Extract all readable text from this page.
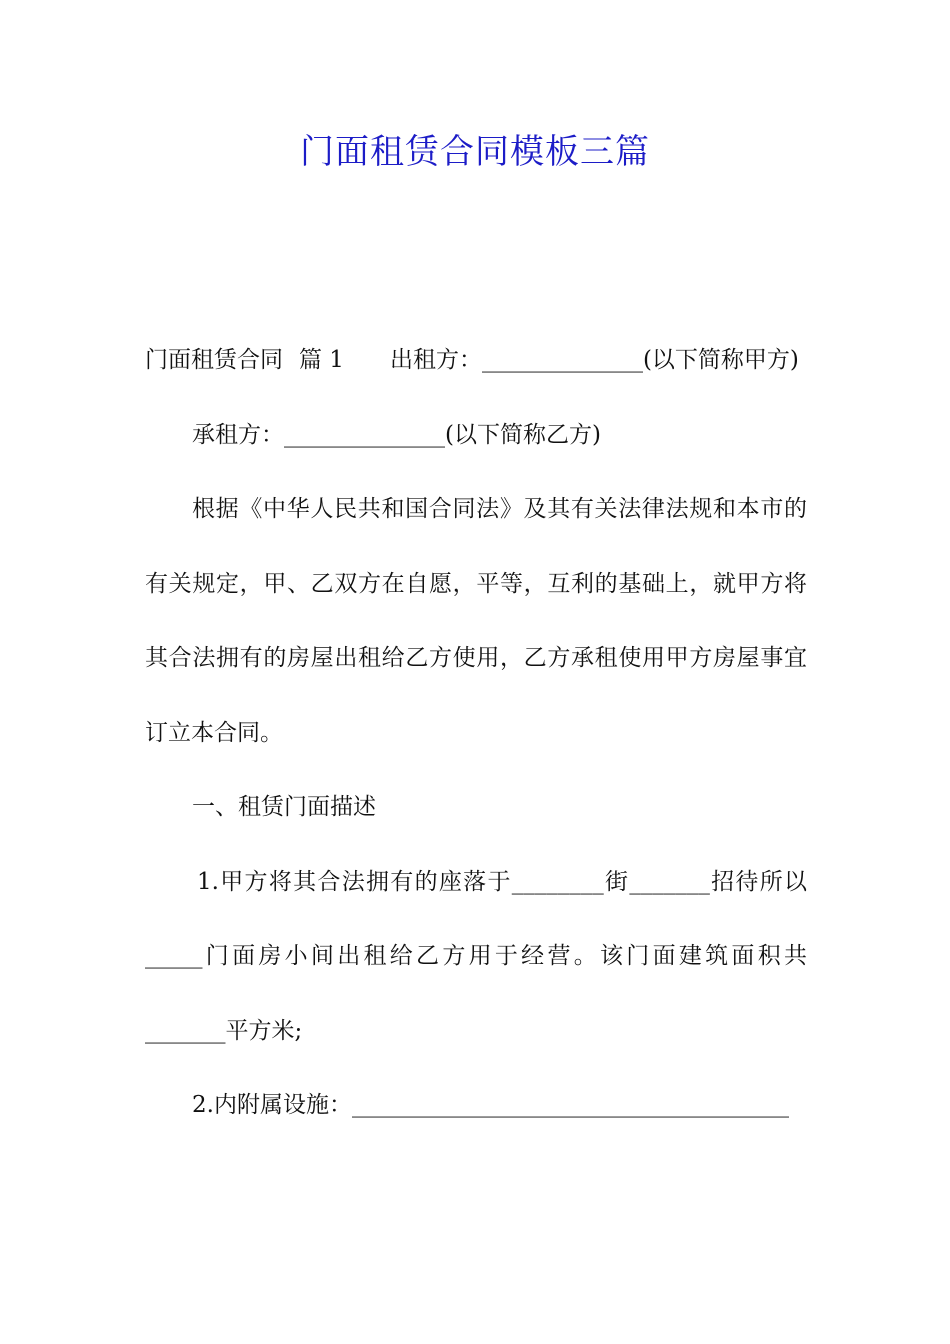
门面租赁合同模板三篇

门面租赁合同 篇 1 出租方：______________(以下简称甲方)

承租方：______________(以下简称乙方)

根据《中华人民共和国合同法》及其有关法律法规和本市的有关规定，甲、乙双方在自愿，平等，互利的基础上，就甲方将其合法拥有的房屋出租给乙方使用，乙方承租使用甲方房屋事宜订立本合同。

一、租赁门面描述

1.甲方将其合法拥有的座落于________街_______招待所以_____门面房小间出租给乙方用于经营。该门面建筑面积共_______平方米;

2.内附属设施：______________________________________
